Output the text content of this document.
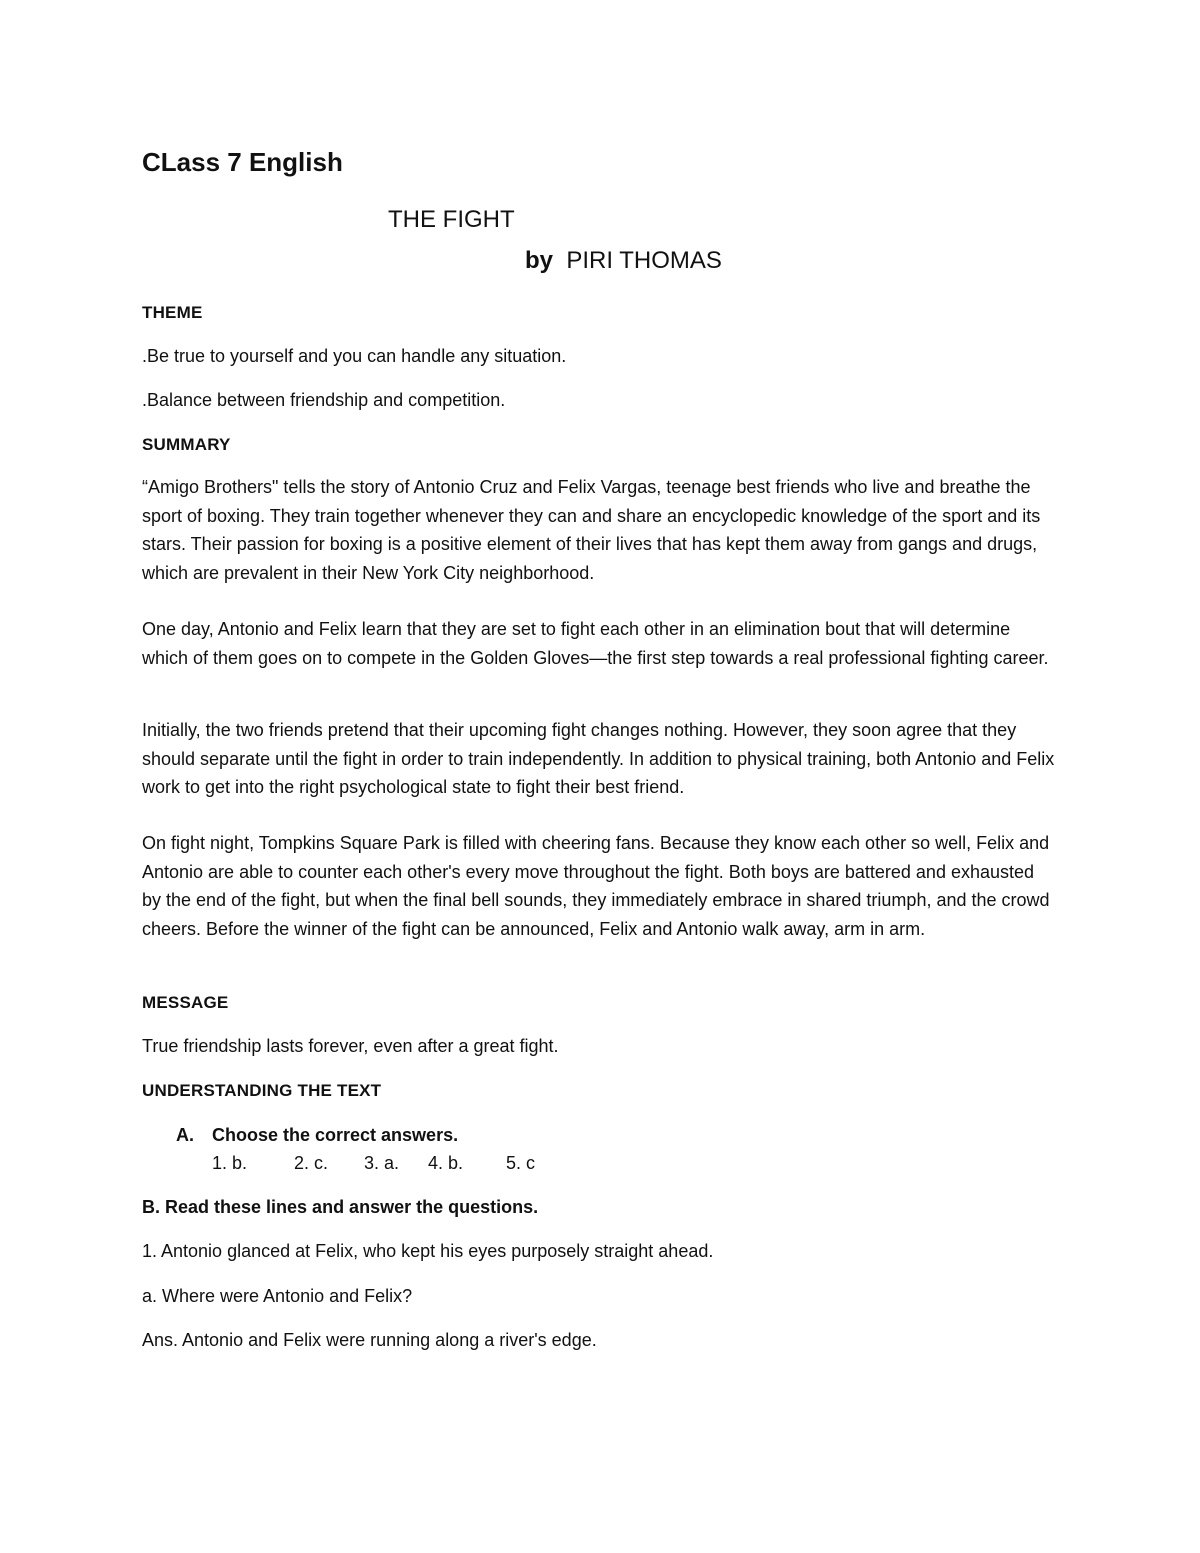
CLass 7 English
THE FIGHT
by PIRI THOMAS
THEME
.Be true to yourself and you can handle any situation.
.Balance between friendship and competition.
SUMMARY

“Amigo Brothers" tells the story of Antonio Cruz and Felix Vargas, teenage best friends who live and breathe the sport of boxing. They train together whenever they can and share an encyclopedic knowledge of the sport and its stars. Their passion for boxing is a positive element of their lives that has kept them away from gangs and drugs, which are prevalent in their New York City neighborhood.

One day, Antonio and Felix learn that they are set to fight each other in an elimination bout that will determine which of them goes on to compete in the Golden Gloves—the first step towards a real professional fighting career.

Initially, the two friends pretend that their upcoming fight changes nothing. However, they soon agree that they should separate until the fight in order to train independently. In addition to physical training, both Antonio and Felix work to get into the right psychological state to fight their best friend.

On fight night, Tompkins Square Park is filled with cheering fans. Because they know each other so well, Felix and Antonio are able to counter each other's every move throughout the fight. Both boys are battered and exhausted by the end of the fight, but when the final bell sounds, they immediately embrace in shared triumph, and the crowd cheers. Before the winner of the fight can be announced, Felix and Antonio walk away, arm in arm.

MESSAGE
True friendship lasts forever, even after a great fight.
UNDERSTANDING THE TEXT
A. Choose the correct answers.
1. b.	2. c. 3. a. 4. b. 5. c
B. Read these lines and answer the questions.
1. Antonio glanced at Felix, who kept his eyes purposely straight ahead.
a. Where were Antonio and Felix?
Ans. Antonio and Felix were running along a river's edge.
